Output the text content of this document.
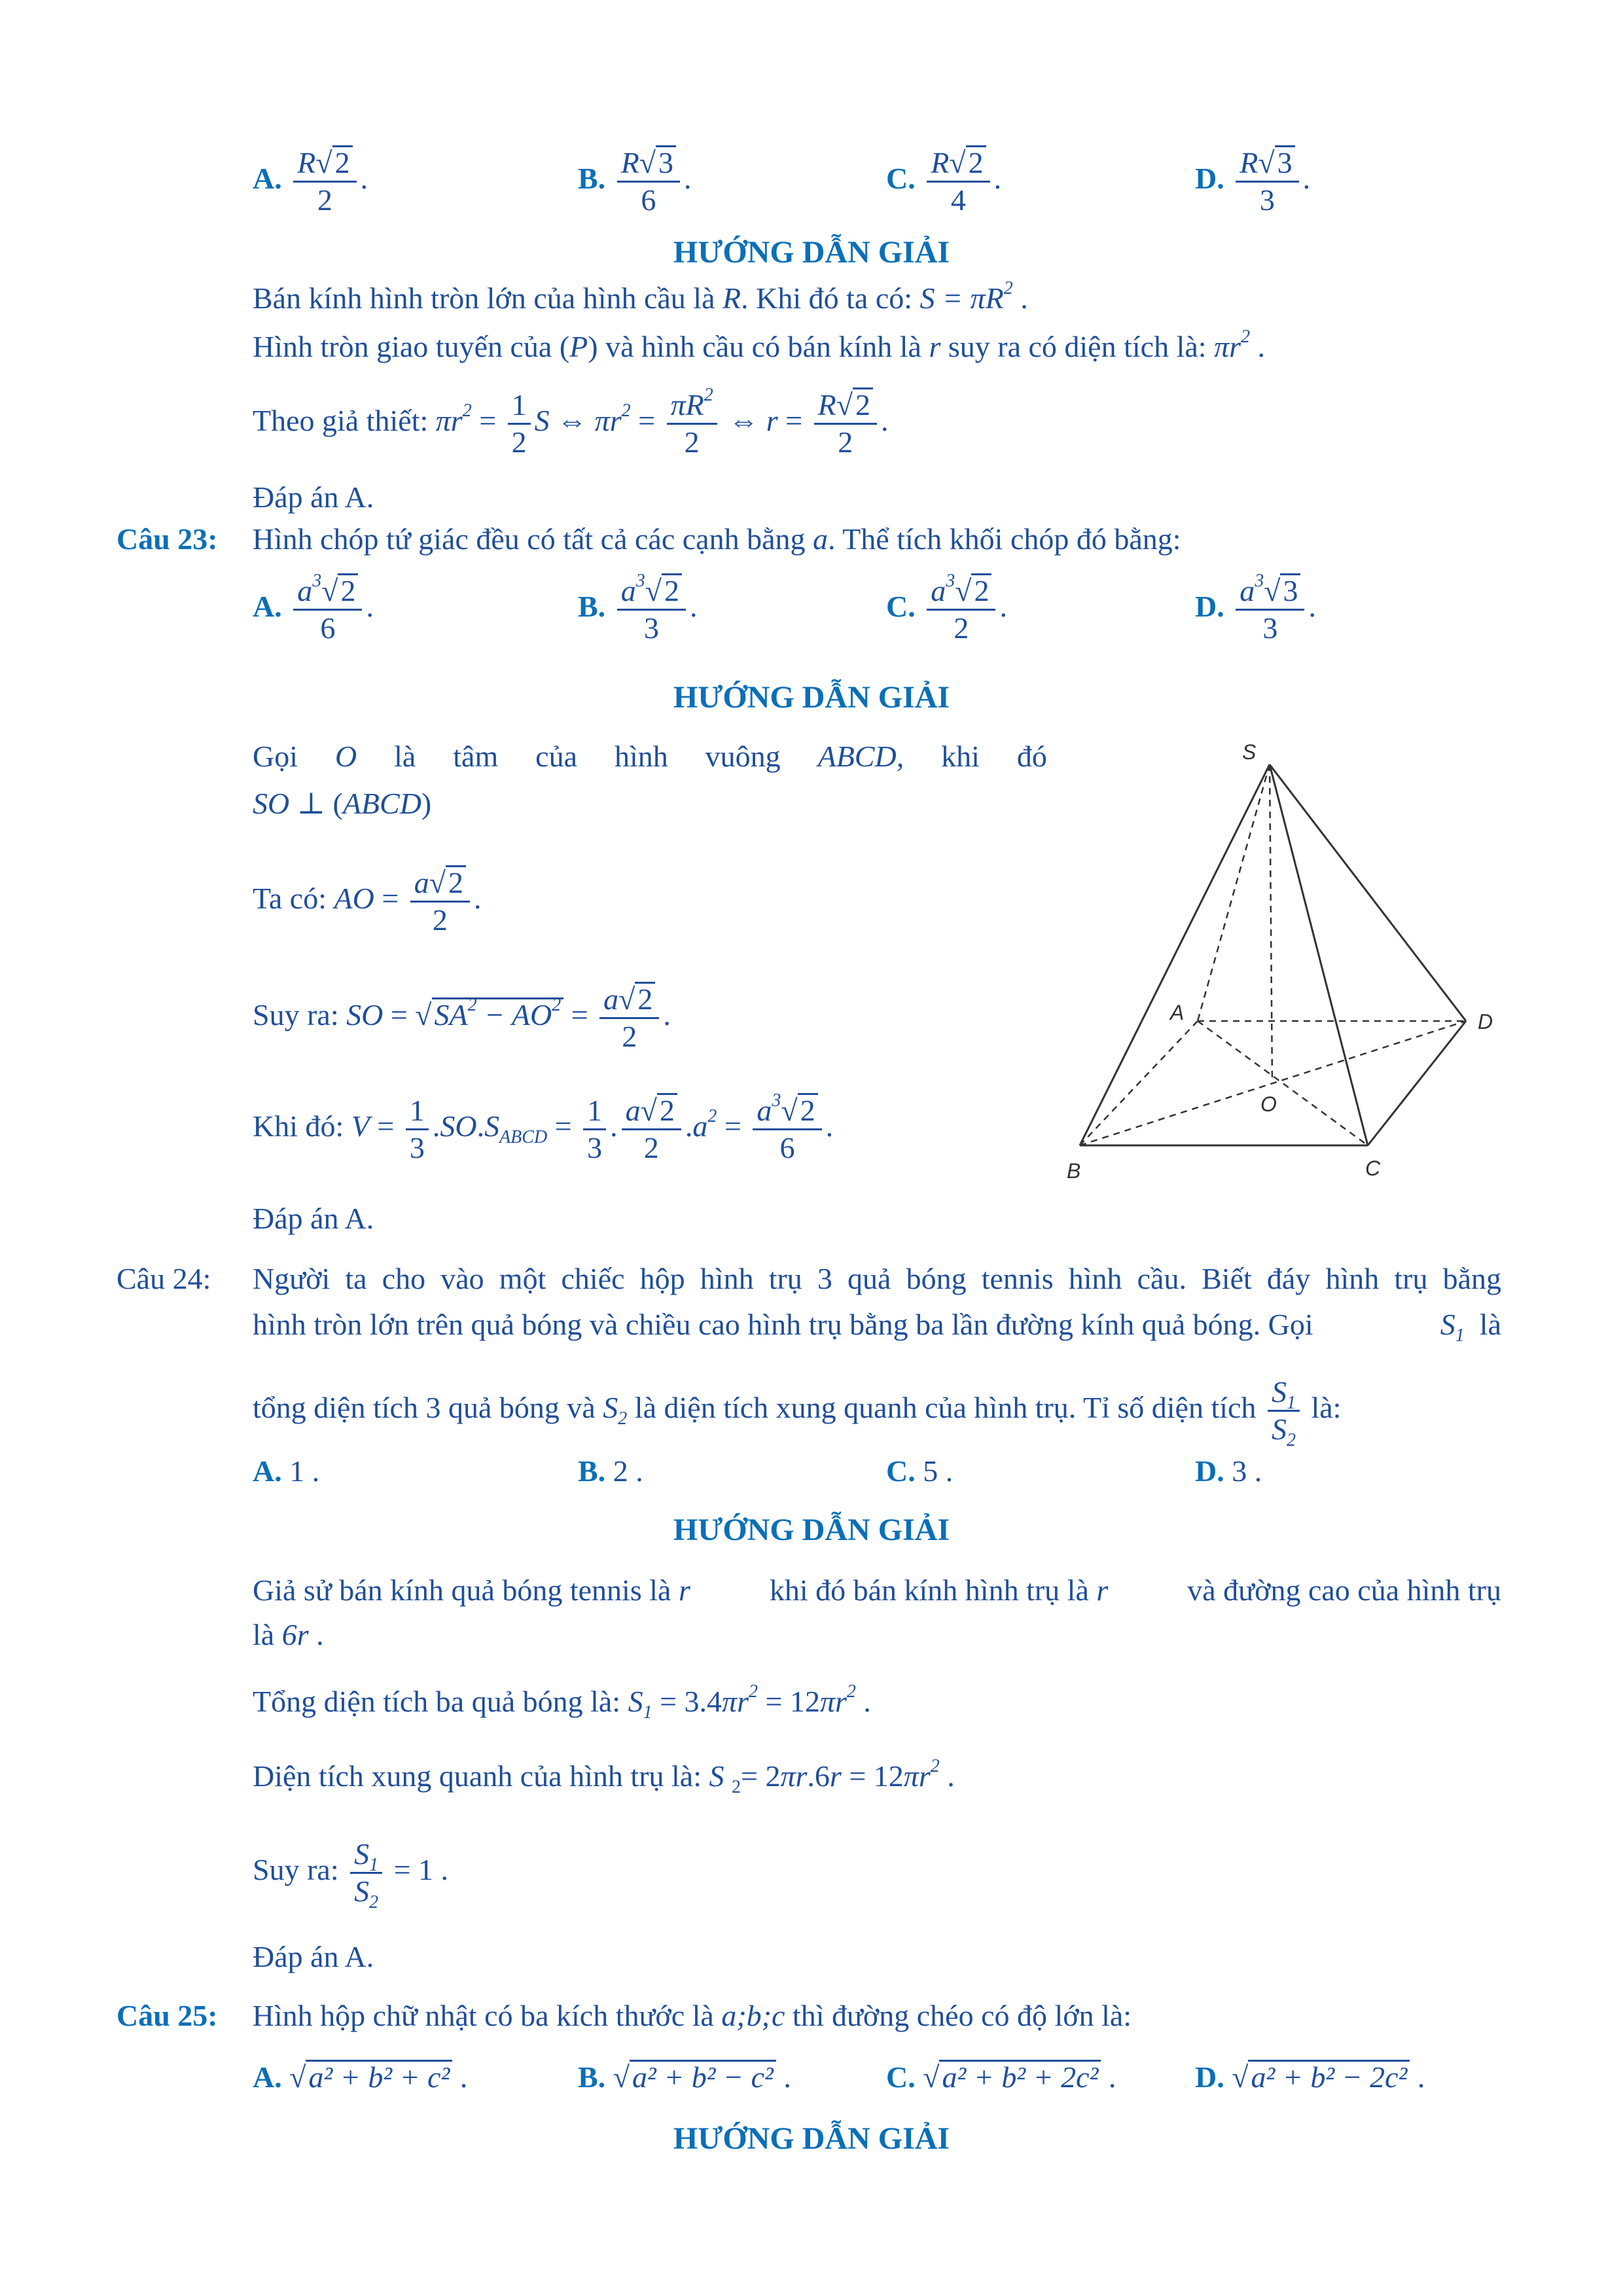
A. $\frac{R√2}{2}$ .	B. $\frac{R√3}{6}$ .	C. $\frac{R√2}{4}$ .	D. $\frac{R√3}{3}$ .
HƯỚNG DẪN GIẢI
Bán kính hình tròn lớn của hình cầu là R. Khi đó ta có: $S = \pi R^2$ .
Hình tròn giao tuyến của (P) và hình cầu có bán kính là r suy ra có diện tích là: $\pi r^2$ .
Theo giả thiết: $\pi r^2 = \frac{1}{2}$ S ⇔ $\pi r^2 = \frac{\pi R^2}{2}$ ⇔ $r = \frac{R√2}{2}$ .
Đáp án A.
Câu 23: Hình chóp tứ giác đều có tất cả các cạnh bằng a. Thể tích khối chóp đó bằng:
A. $\frac{a^3√2}{6}$ .	B. $\frac{a^3√2}{3}$ .	C. $\frac{a^3√2}{2}$ .	D. $\frac{a^3√3}{3}$ .
HƯỚNG DẪN GIẢI
Gọi O là tâm của hình vuông ABCD, khi đó
SO ⊥ (ABCD)
Ta có: AO = $\frac{a√2}{2}$ .
Suy ra: SO = $√SA^2 - AO^2 = \frac{a√2}{2}$ .
Khi đó: $V = \frac{1}{3} .SO.S_{ABCD} = \frac{1}{3}$ . $\frac{a√2}{2} .a^2 = \frac{a^3√2}{6}$ .
Đáp án A.
S
A
B	C
D
O
Câu 24: Người ta cho vào một chiếc hộp hình trụ 3 quả bóng tennis hình cầu. Biết đáy hình trụ bằng
hình tròn lớn trên quả bóng và chiều cao hình trụ bằng ba lần đường kính quả bóng. Gọi	$S_1$ là
tổng diện tích 3 quả bóng và $S_2$ là diện tích xung quanh của hình trụ. Tỉ số diện tích $\frac{S_1}{S_2}$ là:
A. 1 .	B. 2 .	C. 5 .	D. 3 .
HƯỚNG DẪN GIẢI
Giả sử bán kính quả bóng tennis là r	khi đó bán kính hình trụ là r	và đường cao của hình trụ
là 6r .
Tổng diện tích ba quả bóng là: $S_1 = 3.4\pi r^2 = 12\pi r^2$ .
Diện tích xung quanh của hình trụ là: S $_2= 2\pi r.6r = 12\pi r^2$ .
Suy ra: $\frac{S_1}{S_2} = 1$ .
Đáp án A.
Câu 25: Hình hộp chữ nhật có ba kích thước là a;b;c thì đường chéo có độ lớn là:
A. √a² + b² + c² .	B. √a² + b² − c² .	C. √a² + b² + 2c² .	D. √a² + b² − 2c² .
HƯỚNG DẪN GIẢI
